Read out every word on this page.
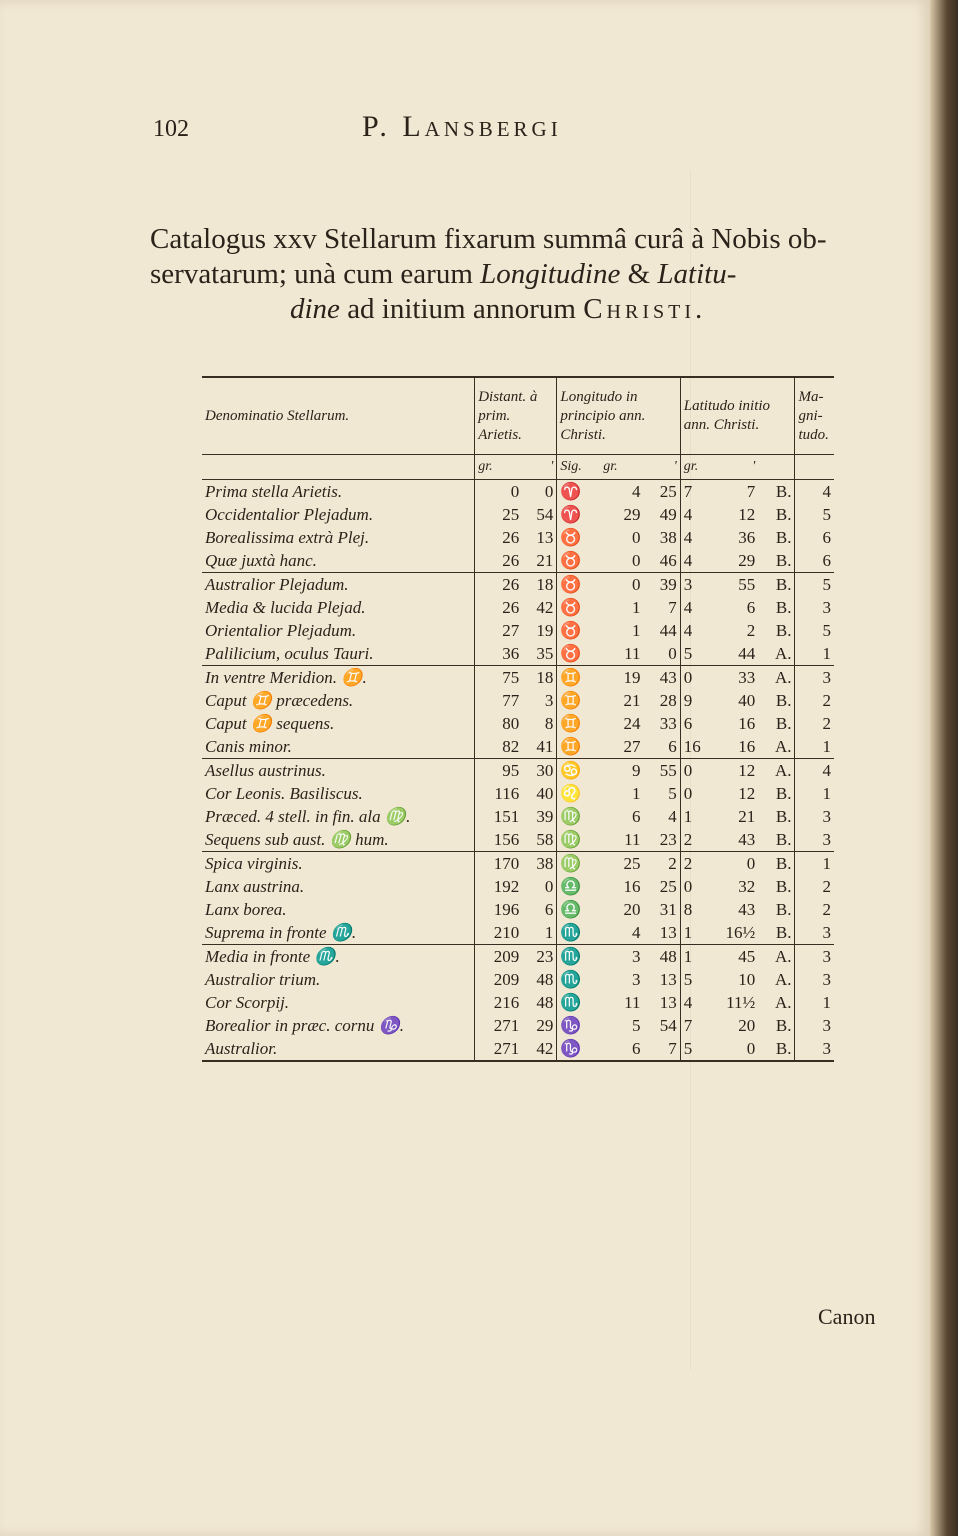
102	P. Lansbergi
Catalogus xxv Stellarum fixarum summâ curâ à Nobis ob-
servatarum; unà cum earum Longitudine & Latitu-
dine ad initium annorum Christi.
Denominatio Stellarum.	Distant. à prim. Arietis.		Longitudo in principio ann. Christi.			Latitudo initio ann. Christi.			Ma- gni- tudo.
	gr.	'	Sig.	gr.	'	gr.	'		
Prima stella Arietis.	0	0	♈	4	25	7	7	B.	4
Occidentalior Plejadum.	25	54	♈	29	49	4	12	B.	5
Borealissima extrà Plej.	26	13	♉	0	38	4	36	B.	6
Quæ juxtà hanc.	26	21	♉	0	46	4	29	B.	6
Australior Plejadum.	26	18	♉	0	39	3	55	B.	5
Media & lucida Plejad.	26	42	♉	1	7	4	6	B.	3
Orientalior Plejadum.	27	19	♉	1	44	4	2	B.	5
Palilicium, oculus Tauri.	36	35	♉	11	0	5	44	A.	1
In ventre Meridion. ♊.	75	18	♊	19	43	0	33	A.	3
Caput ♊ præcedens.	77	3	♊	21	28	9	40	B.	2
Caput ♊ sequens.	80	8	♊	24	33	6	16	B.	2
Canis minor.	82	41	♊	27	6	16	16	A.	1
Asellus austrinus.	95	30	♋	9	55	0	12	A.	4
Cor Leonis. Basiliscus.	116	40	♌	1	5	0	12	B.	1
Præced. 4 stell. in fin. ala ♍.	151	39	♍	6	4	1	21	B.	3
Sequens sub aust. ♍ hum.	156	58	♍	11	23	2	43	B.	3
Spica virginis.	170	38	♍	25	2	2	0	B.	1
Lanx austrina.	192	0	♎	16	25	0	32	B.	2
Lanx borea.	196	6	♎	20	31	8	43	B.	2
Suprema in fronte ♏.	210	1	♏	4	13	1	16½	B.	3
Media in fronte ♏.	209	23	♏	3	48	1	45	A.	3
Australior trium.	209	48	♏	3	13	5	10	A.	3
Cor Scorpij.	216	48	♏	11	13	4	11½	A.	1
Borealior in præc. cornu ♑.	271	29	♑	5	54	7	20	B.	3
Australior.	271	42	♑	6	7	5	0	B.	3
Canon
